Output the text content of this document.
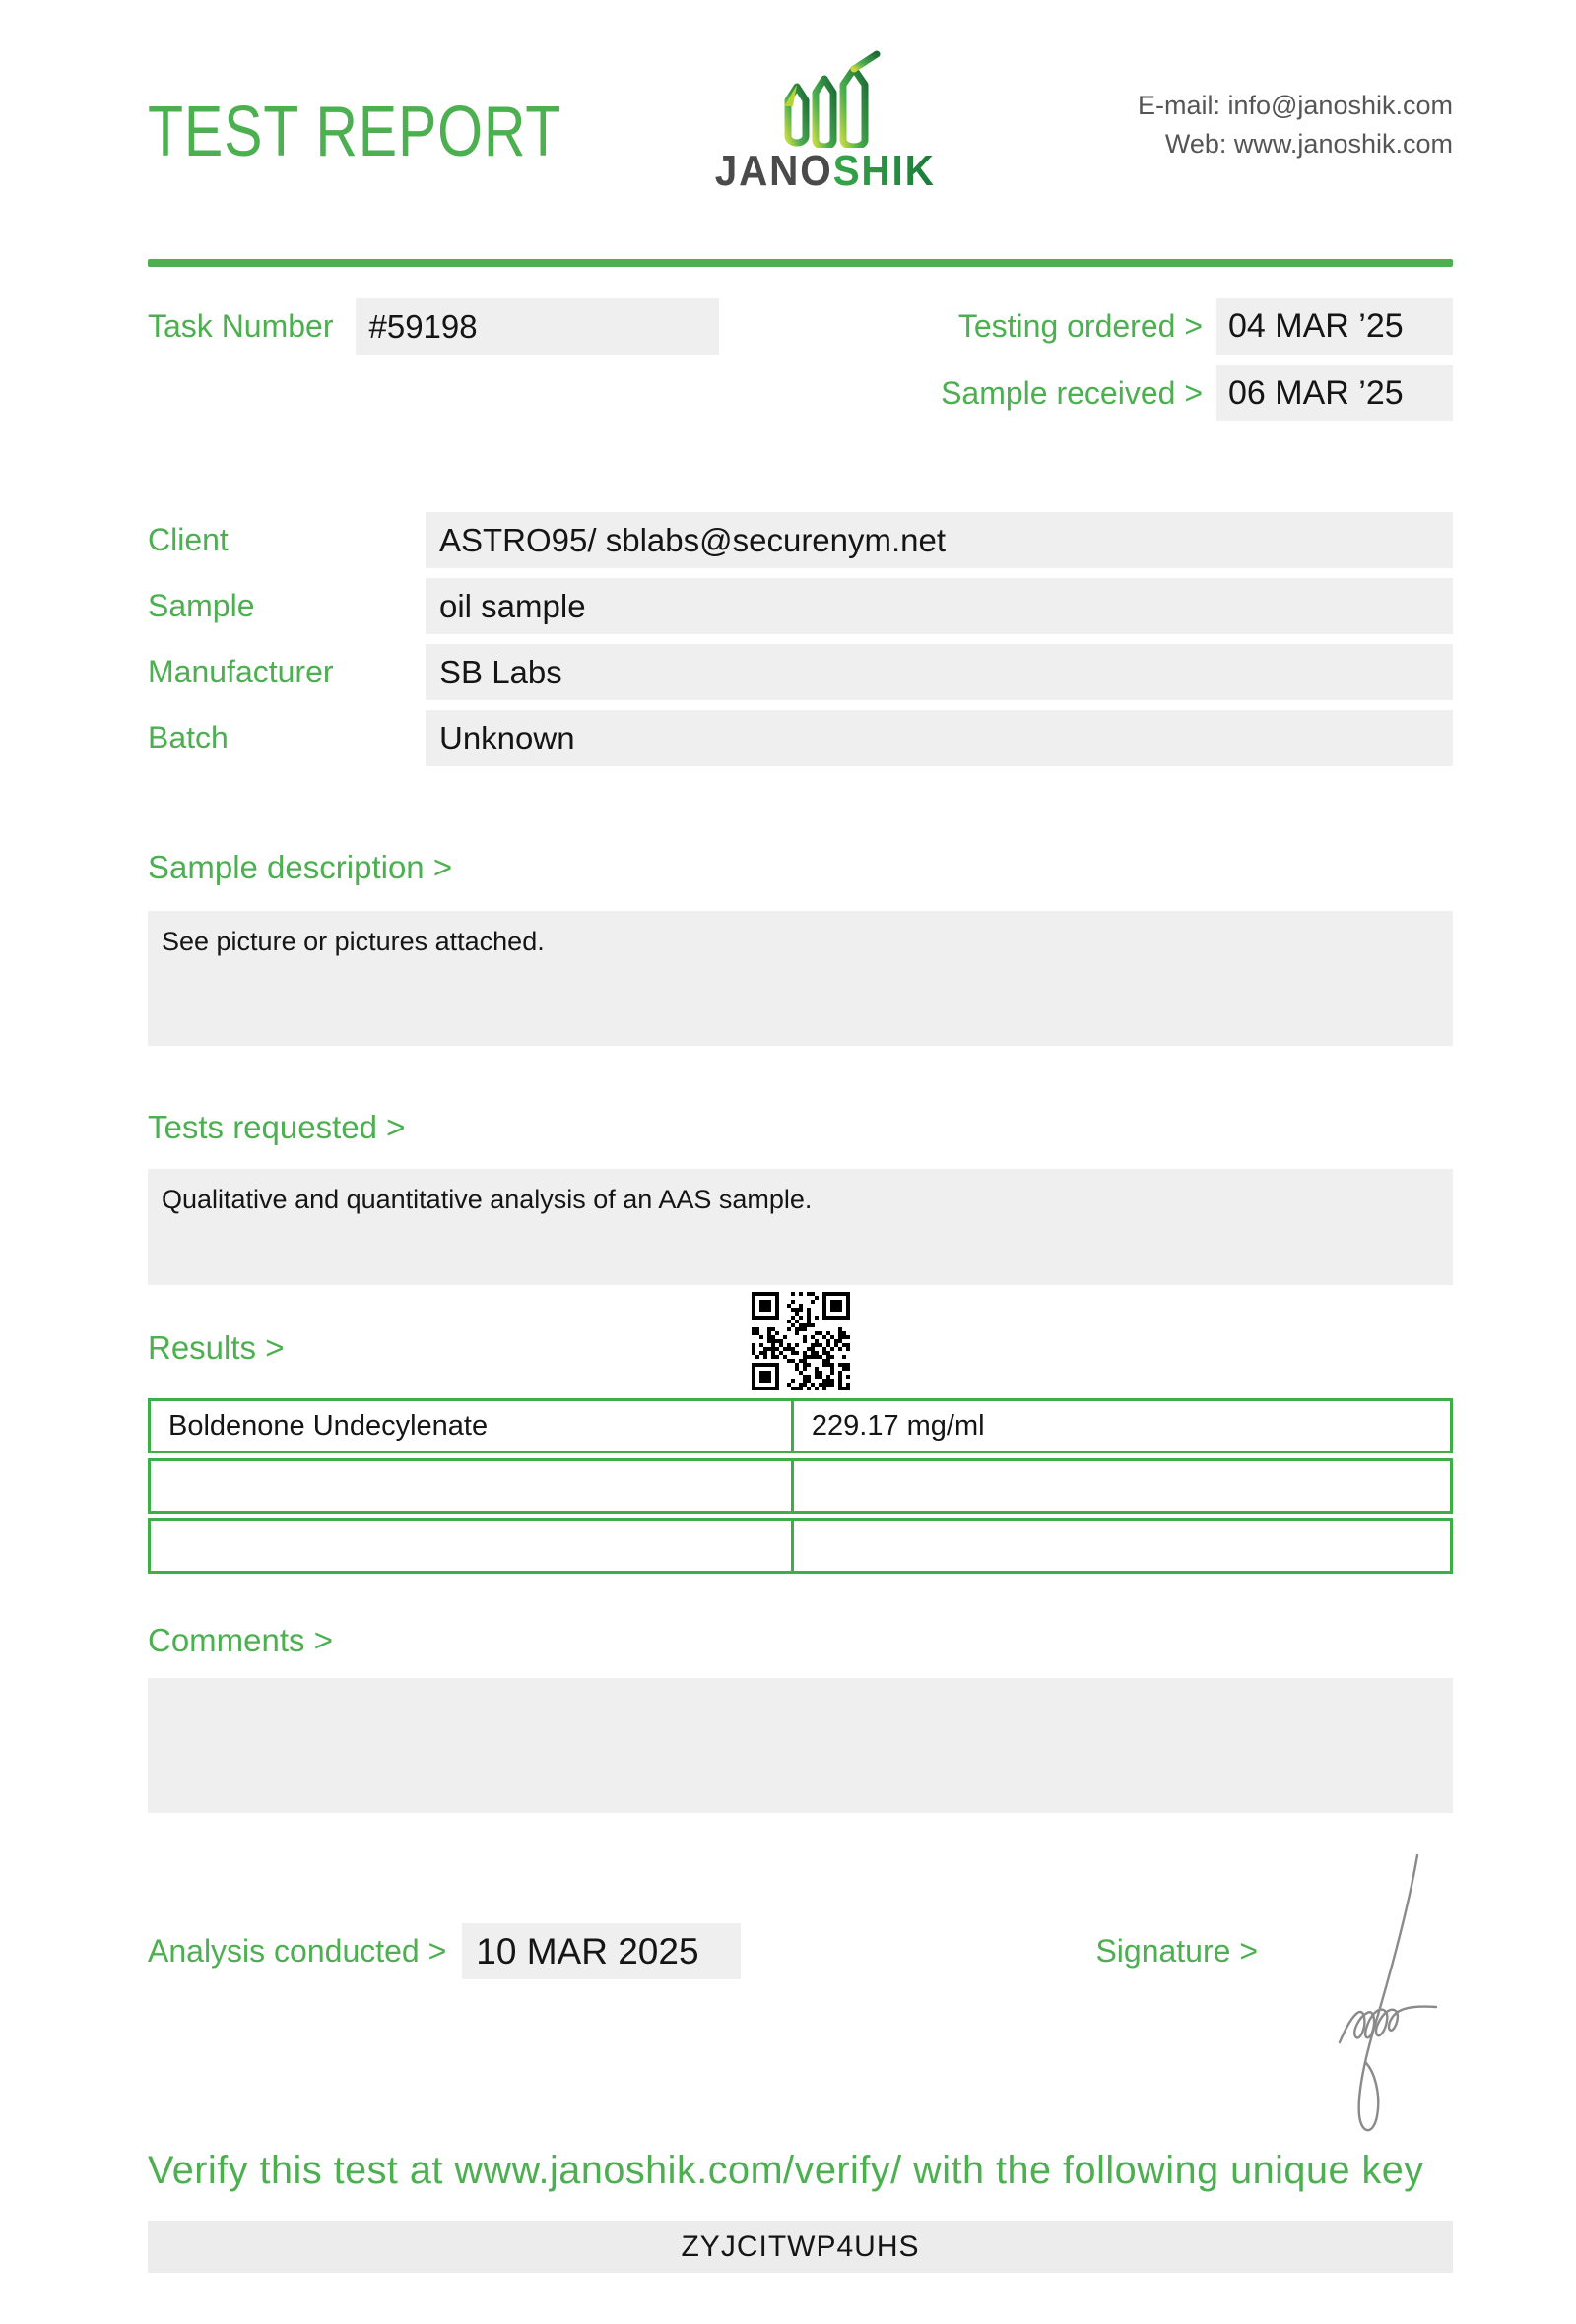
TEST REPORT	JANOSHIK
E-mail: info@janoshik.com
Web: www.janoshik.com
Task Number	#59198	Testing ordered > 04 MAR ’25
Sample received > 06 MAR ’25
Client	ASTRO95/ sblabs@securenym.net
Sample	oil sample
Manufacturer	SB Labs
Batch	Unknown
Sample description >
See picture or pictures attached.
Tests requested >
Qualitative and quantitative analysis of an AAS sample.
Results >
Boldenone Undecylenate	229.17 mg/ml

Comments >
Analysis conducted > 10 MAR 2025	Signature >
Verify this test at www.janoshik.com/verify/ with the following unique key
ZYJCITWP4UHS
